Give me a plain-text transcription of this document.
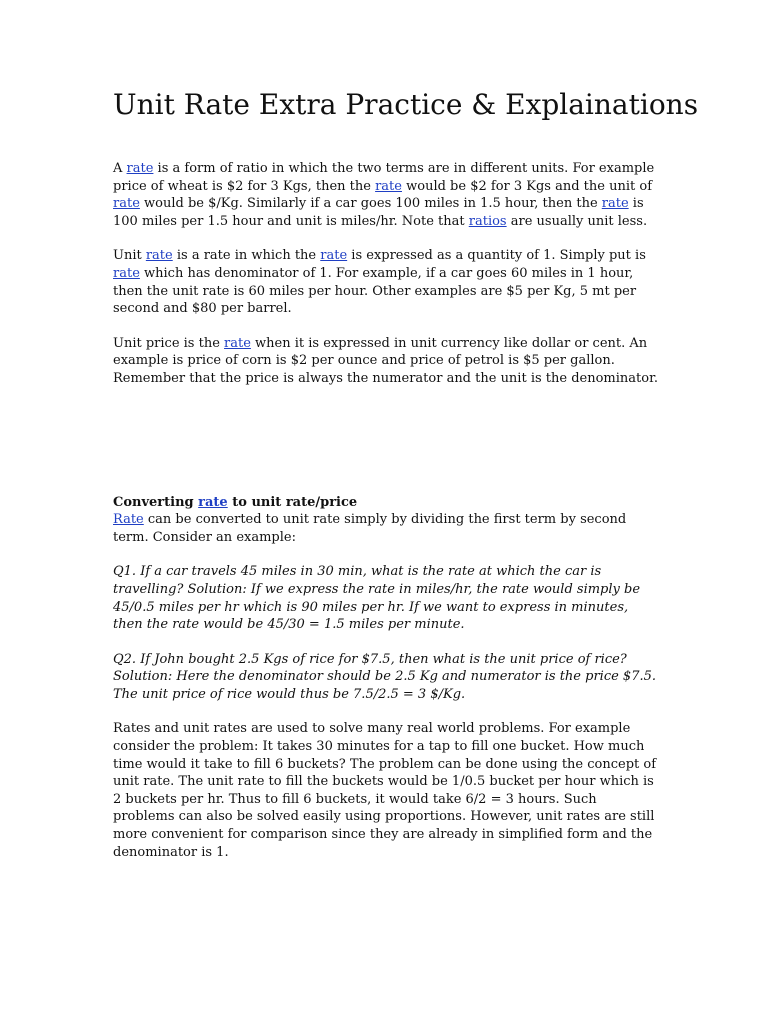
Unit Rate Extra Practice & Explainations

A rate is a form of ratio in which the two terms are in different units. For example price of wheat is $2 for 3 Kgs, then the rate would be $2 for 3 Kgs and the unit of rate would be $/Kg. Similarly if a car goes 100 miles in 1.5 hour, then the rate is 100 miles per 1.5 hour and unit is miles/hr. Note that ratios are usually unit less.

Unit rate is a rate in which the rate is expressed as a quantity of 1. Simply put is rate which has denominator of 1. For example, if a car goes 60 miles in 1 hour, then the unit rate is 60 miles per hour. Other examples are $5 per Kg, 5 mt per second and $80 per barrel.

Unit price is the rate when it is expressed in unit currency like dollar or cent. An example is price of corn is $2 per ounce and price of petrol is $5 per gallon. Remember that the price is always the numerator and the unit is the denominator.

Converting rate to unit rate/price

Rate can be converted to unit rate simply by dividing the first term by second term. Consider an example:

Q1. If a car travels 45 miles in 30 min, what is the rate at which the car is travelling? Solution: If we express the rate in miles/hr, the rate would simply be 45/0.5 miles per hr which is 90 miles per hr. If we want to express in minutes, then the rate would be 45/30 = 1.5 miles per minute.

Q2. If John bought 2.5 Kgs of rice for $7.5, then what is the unit price of rice? Solution: Here the denominator should be 2.5 Kg and numerator is the price $7.5. The unit price of rice would thus be 7.5/2.5 = 3 $/Kg.

Rates and unit rates are used to solve many real world problems. For example consider the problem: It takes 30 minutes for a tap to fill one bucket. How much time would it take to fill 6 buckets? The problem can be done using the concept of unit rate. The unit rate to fill the buckets would be 1/0.5 bucket per hour which is 2 buckets per hr. Thus to fill 6 buckets, it would take 6/2 = 3 hours. Such problems can also be solved easily using proportions. However, unit rates are still more convenient for comparison since they are already in simplified form and the denominator is 1.
